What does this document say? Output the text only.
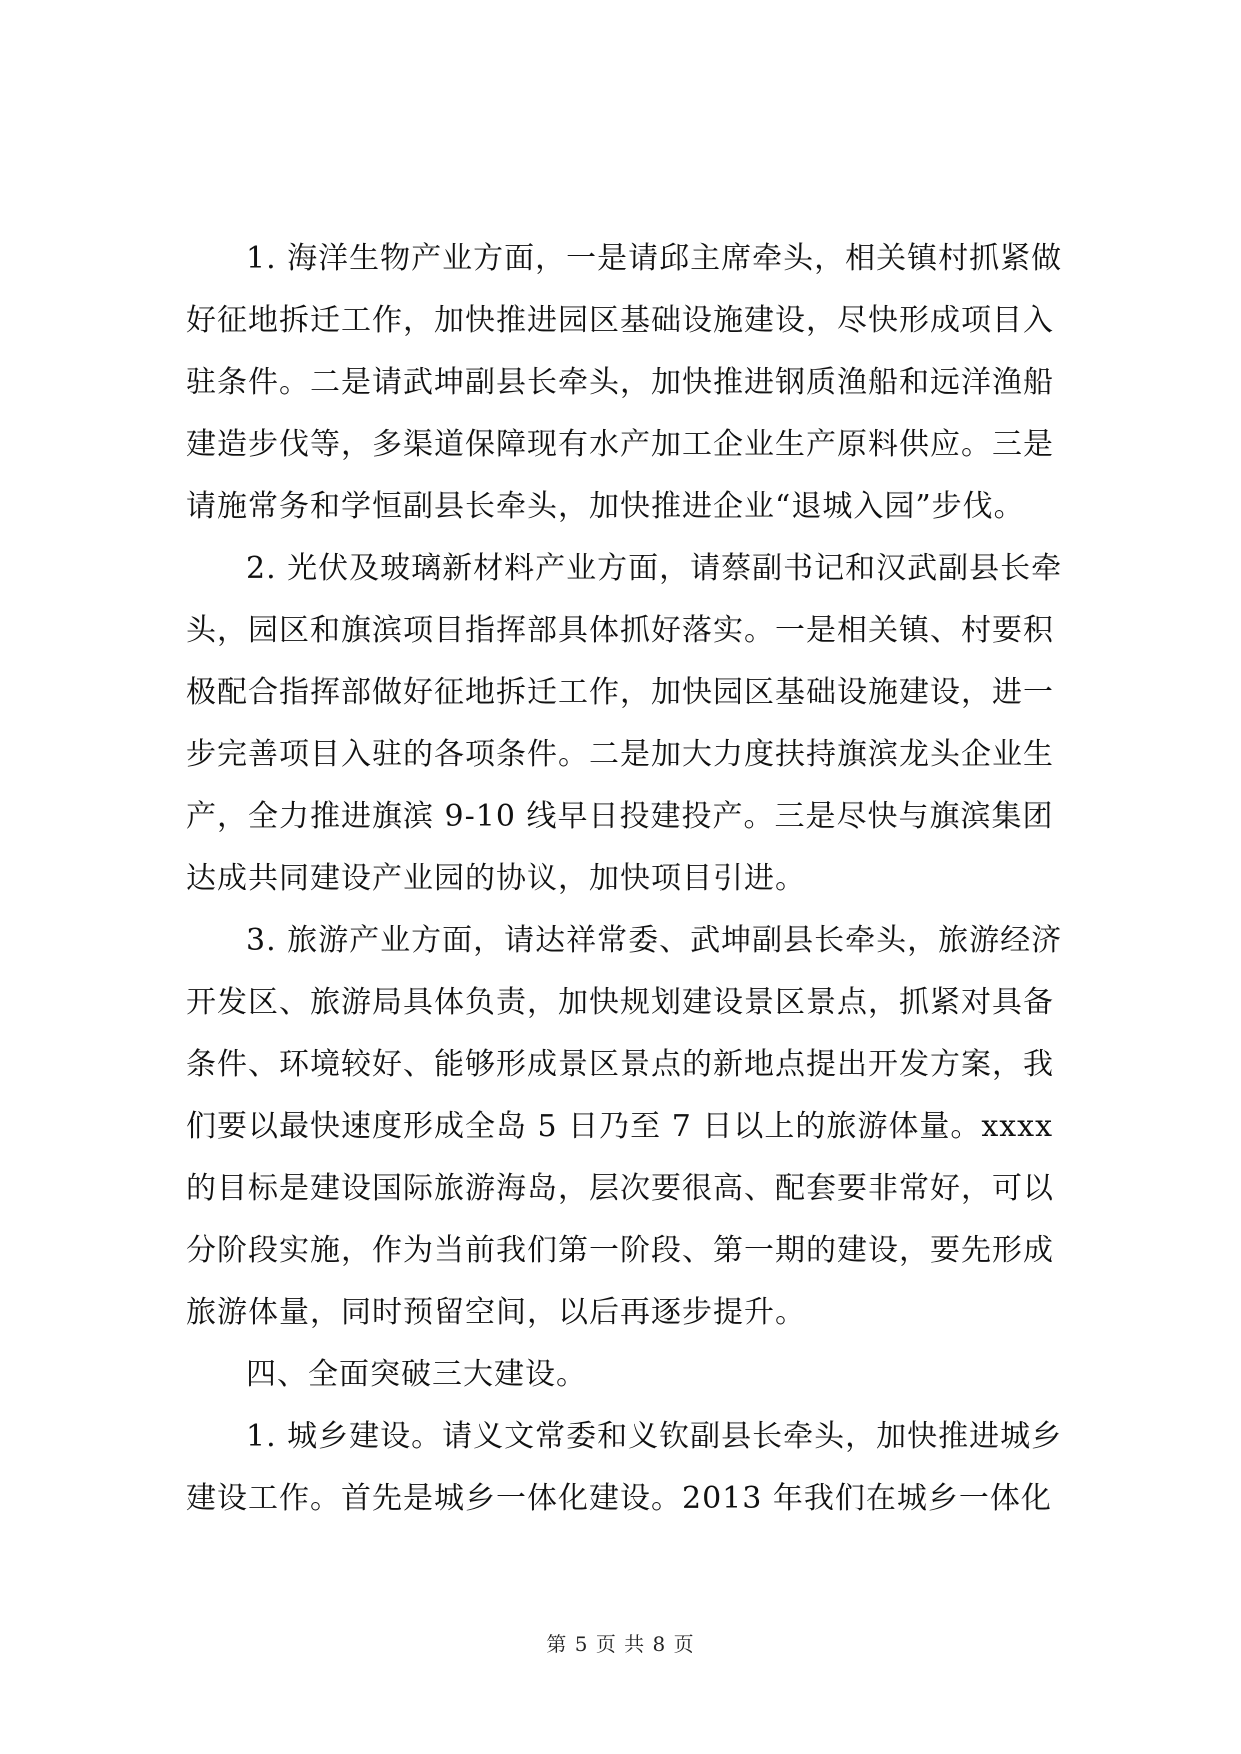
1. 海洋生物产业方面，一是请邱主席牵头，相关镇村抓紧做
好征地拆迁工作，加快推进园区基础设施建设，尽快形成项目入
驻条件。二是请武坤副县长牵头，加快推进钢质渔船和远洋渔船
建造步伐等，多渠道保障现有水产加工企业生产原料供应。三是
请施常务和学恒副县长牵头，加快推进企业“退城入园”步伐。

2. 光伏及玻璃新材料产业方面，请蔡副书记和汉武副县长牵
头，园区和旗滨项目指挥部具体抓好落实。一是相关镇、村要积
极配合指挥部做好征地拆迁工作，加快园区基础设施建设，进一
步完善项目入驻的各项条件。二是加大力度扶持旗滨龙头企业生
产，全力推进旗滨 9-10 线早日投建投产。三是尽快与旗滨集团
达成共同建设产业园的协议，加快项目引进。

3. 旅游产业方面，请达祥常委、武坤副县长牵头，旅游经济
开发区、旅游局具体负责，加快规划建设景区景点，抓紧对具备
条件、环境较好、能够形成景区景点的新地点提出开发方案，我
们要以最快速度形成全岛 5 日乃至 7 日以上的旅游体量。xxxx
的目标是建设国际旅游海岛，层次要很高、配套要非常好，可以
分阶段实施，作为当前我们第一阶段、第一期的建设，要先形成
旅游体量，同时预留空间，以后再逐步提升。

四、全面突破三大建设。

1. 城乡建设。请义文常委和义钦副县长牵头，加快推进城乡
建设工作。首先是城乡一体化建设。2013 年我们在城乡一体化

第 5 页 共 8 页
